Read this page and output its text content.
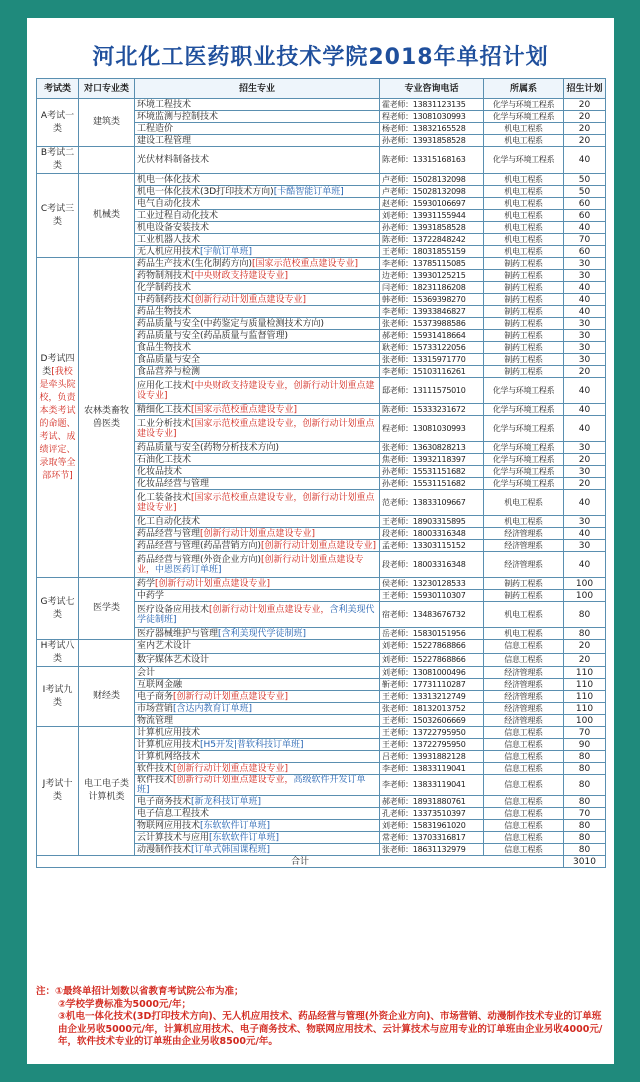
河北化工医药职业技术学院2018年单招计划
考试类	对口专业类	招生专业	专业咨询电话	所属系	招生计划
A考试一类	建筑类	环境工程技术	霍老师：13831123135	化学与环境工程系	20
		环境监测与控制技术	程老师：13081030993	化学与环境工程系	20
		工程造价	杨老师：13832165528	机电工程系	20
		建设工程管理	孙老师：13931858528	机电工程系	20
B考试二类		光伏材料制备技术	陈老师：13315168163	化学与环境工程系	40
C考试三类	机械类	机电一体化技术	卢老师：15028132098	机电工程系	50
		机电一体化技术(3D打印技术方向)[卡酷智能订单班]	卢老师：15028132098	机电工程系	50
		电气自动化技术	赵老师：15930106697	机电工程系	60
		工业过程自动化技术	刘老师：13931155944	机电工程系	60
		机电设备安装技术	孙老师：13931858528	机电工程系	40
		工业机器人技术	陈老师：13722848242	机电工程系	70
		无人机应用技术[宇航订单班]	王老师：18031855159	机电工程系	60
D考试四类[我校是牵头院校，负责本类考试的命题、考试、成绩评定、录取等全部环节]	农林类畜牧兽医类	药品生产技术(生化制药方向)[国家示范校重点建设专业]	李老师：13785115085	制药工程系	30
		药物制剂技术[中央财政支持建设专业]	边老师：13930125215	制药工程系	30
		化学制药技术	闫老师：18231186208	制药工程系	40
		中药制药技术[创新行动计划重点建设专业]	韩老师：15369398270	制药工程系	40
		药品生物技术	李老师：13933846827	制药工程系	40
		药品质量与安全(中药鉴定与质量检测技术方向)	张老师：15373988586	制药工程系	30
		药品质量与安全(药品质量与监督管理)	郝老师：15931418664	制药工程系	30
		食品生物技术	耿老师：15733122056	制药工程系	30
		食品质量与安全	张老师：13315971770	制药工程系	30
		食品营养与检测	李老师：15103116261	制药工程系	20
		应用化工技术[中央财政支持建设专业，创新行动计划重点建设专业]	邸老师：13111575010	化学与环境工程系	40
		精细化工技术[国家示范校重点建设专业]	陈老师：15333231672	化学与环境工程系	40
		工业分析技术[国家示范校重点建设专业，创新行动计划重点建设专业]	程老师：13081030993	化学与环境工程系	40
		药品质量与安全(药物分析技术方向)	张老师：13630828213	化学与环境工程系	30
		石油化工技术	焦老师：13932118397	化学与环境工程系	20
		化妆品技术	孙老师：15531151682	化学与环境工程系	30
		化妆品经营与管理	孙老师：15531151682	化学与环境工程系	20
		化工装备技术[国家示范校重点建设专业，创新行动计划重点建设专业]	范老师：13833109667	机电工程系	40
		化工自动化技术	王老师：18903315895	机电工程系	30
		药品经营与管理[创新行动计划重点建设专业]	段老师：18003316348	经济管理系	40
		药品经营与管理(药品营销方向)[创新行动计划重点建设专业]	孟老师：13303115152	经济管理系	30
		药品经营与管理(外资企业方向)[创新行动计划重点建设专业，中恩医药订单班]	段老师：18003316348	经济管理系	40
G考试七类	医学类	药学[创新行动计划重点建设专业]	侯老师：13230128533	制药工程系	100
		中药学	王老师：15930110307	制药工程系	100
		医疗设备应用技术[创新行动计划重点建设专业，含利美现代学徒制班]	宿老师：13483676732	机电工程系	80
		医疗器械维护与管理[含利美现代学徒制班]	岳老师：15830151956	机电工程系	80
H考试八类		室内艺术设计	刘老师：15227868866	信息工程系	20
		数字媒体艺术设计	刘老师：15227868866	信息工程系	20
I考试九类	财经类	会计	刘老师：13081000496	经济管理系	110
		互联网金融	靳老师：17731110287	经济管理系	110
		电子商务[创新行动计划重点建设专业]	王老师：13313212749	经济管理系	110
		市场营销[含达内教育订单班]	张老师：18132013752	经济管理系	110
		物流管理	王老师：15032606669	经济管理系	100
J考试十类	电工电子类计算机类	计算机应用技术	王老师：13722795950	信息工程系	70
		计算机应用技术[H5开发|普软科技订单班]	王老师：13722795950	信息工程系	90
		计算机网络技术	吕老师：13931882128	信息工程系	80
		软件技术[创新行动计划重点建设专业]	李老师：13833119041	信息工程系	80
		软件技术[创新行动计划重点建设专业，高级软件开发订单班]	李老师：13833119041	信息工程系	80
		电子商务技术[新龙科技订单班]	郝老师：18931880761	信息工程系	80
		电子信息工程技术	孔老师：13373510397	信息工程系	70
		物联网应用技术[东软软件订单班]	刘老师：15831961020	信息工程系	80
		云计算技术与应用[东软软件订单班]	常老师：13703316817	信息工程系	80
		动漫制作技术[订单式韩国课程班]	张老师：18631132979	信息工程系	80
合计					3010
注：①最终单招计划数以省教育考试院公布为准；
②学校学费标准为5000元/年；
③机电一体化技术(3D打印技术方向)、无人机应用技术、药品经营与管理(外资企业方向)、市场营销、动漫制作技术专业的订单班由企业另收5000元/年，计算机应用技术、电子商务技术、物联网应用技术、云计算技术与应用专业的订单班由企业另收4000元/年，软件技术专业的订单班由企业另收8500元/年。
